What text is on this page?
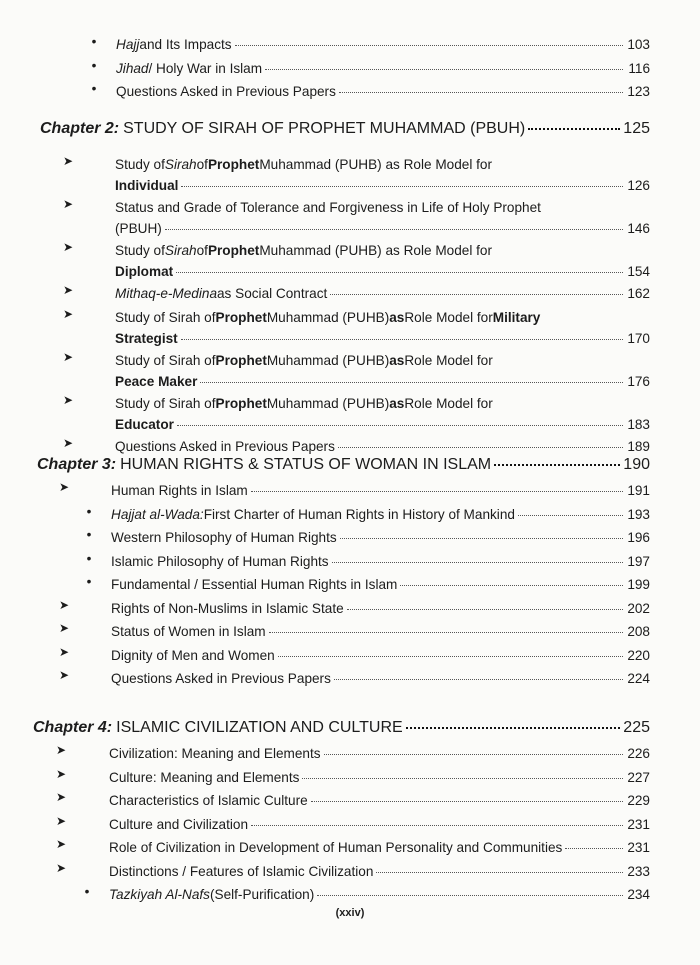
• Hajj and Its Impacts	103
• Jihad / Holy War in Islam	116
• Questions Asked in Previous Papers	123
Chapter 2: STUDY OF SIRAH OF PROPHET MUHAMMAD (PBUH)	125
➤	Study of Sirah of Prophet Muhammad (PUHB) as Role Model for
Individual	126
➤	Status and Grade of Tolerance and Forgiveness in Life of Holy Prophet
(PBUH)	146
➤	Study of Sirah of Prophet Muhammad (PUHB) as Role Model for
Diplomat	154
➤	Mithaq-e-Medina as Social Contract	162
➤	Study of Sirah of Prophet Muhammad (PUHB) as Role Model for Military
Strategist	170
➤	Study of Sirah of Prophet Muhammad (PUHB) as Role Model for
Peace Maker	176
➤	Study of Sirah of Prophet Muhammad (PUHB) as Role Model for
Educator	183
➤	Questions Asked in Previous Papers	189
Chapter 3: HUMAN RIGHTS & STATUS OF WOMAN IN ISLAM	190
➤	Human Rights in Islam	191
• Hajjat al-Wada: First Charter of Human Rights in History of Mankind	193
• Western Philosophy of Human Rights	196
• Islamic Philosophy of Human Rights	197
• Fundamental / Essential Human Rights in Islam	199
➤	Rights of Non-Muslims in Islamic State	202
➤	Status of Women in Islam	208
➤	Dignity of Men and Women	220
➤	Questions Asked in Previous Papers	224
Chapter 4: ISLAMIC CIVILIZATION AND CULTURE	225
➤	Civilization: Meaning and Elements	226
➤	Culture: Meaning and Elements	227
➤	Characteristics of Islamic Culture	229
➤	Culture and Civilization	231
➤	Role of Civilization in Development of Human Personality and Communities	231
➤	Distinctions / Features of Islamic Civilization	233
• Tazkiyah Al-Nafs (Self-Purification)	234
(xxiv)
